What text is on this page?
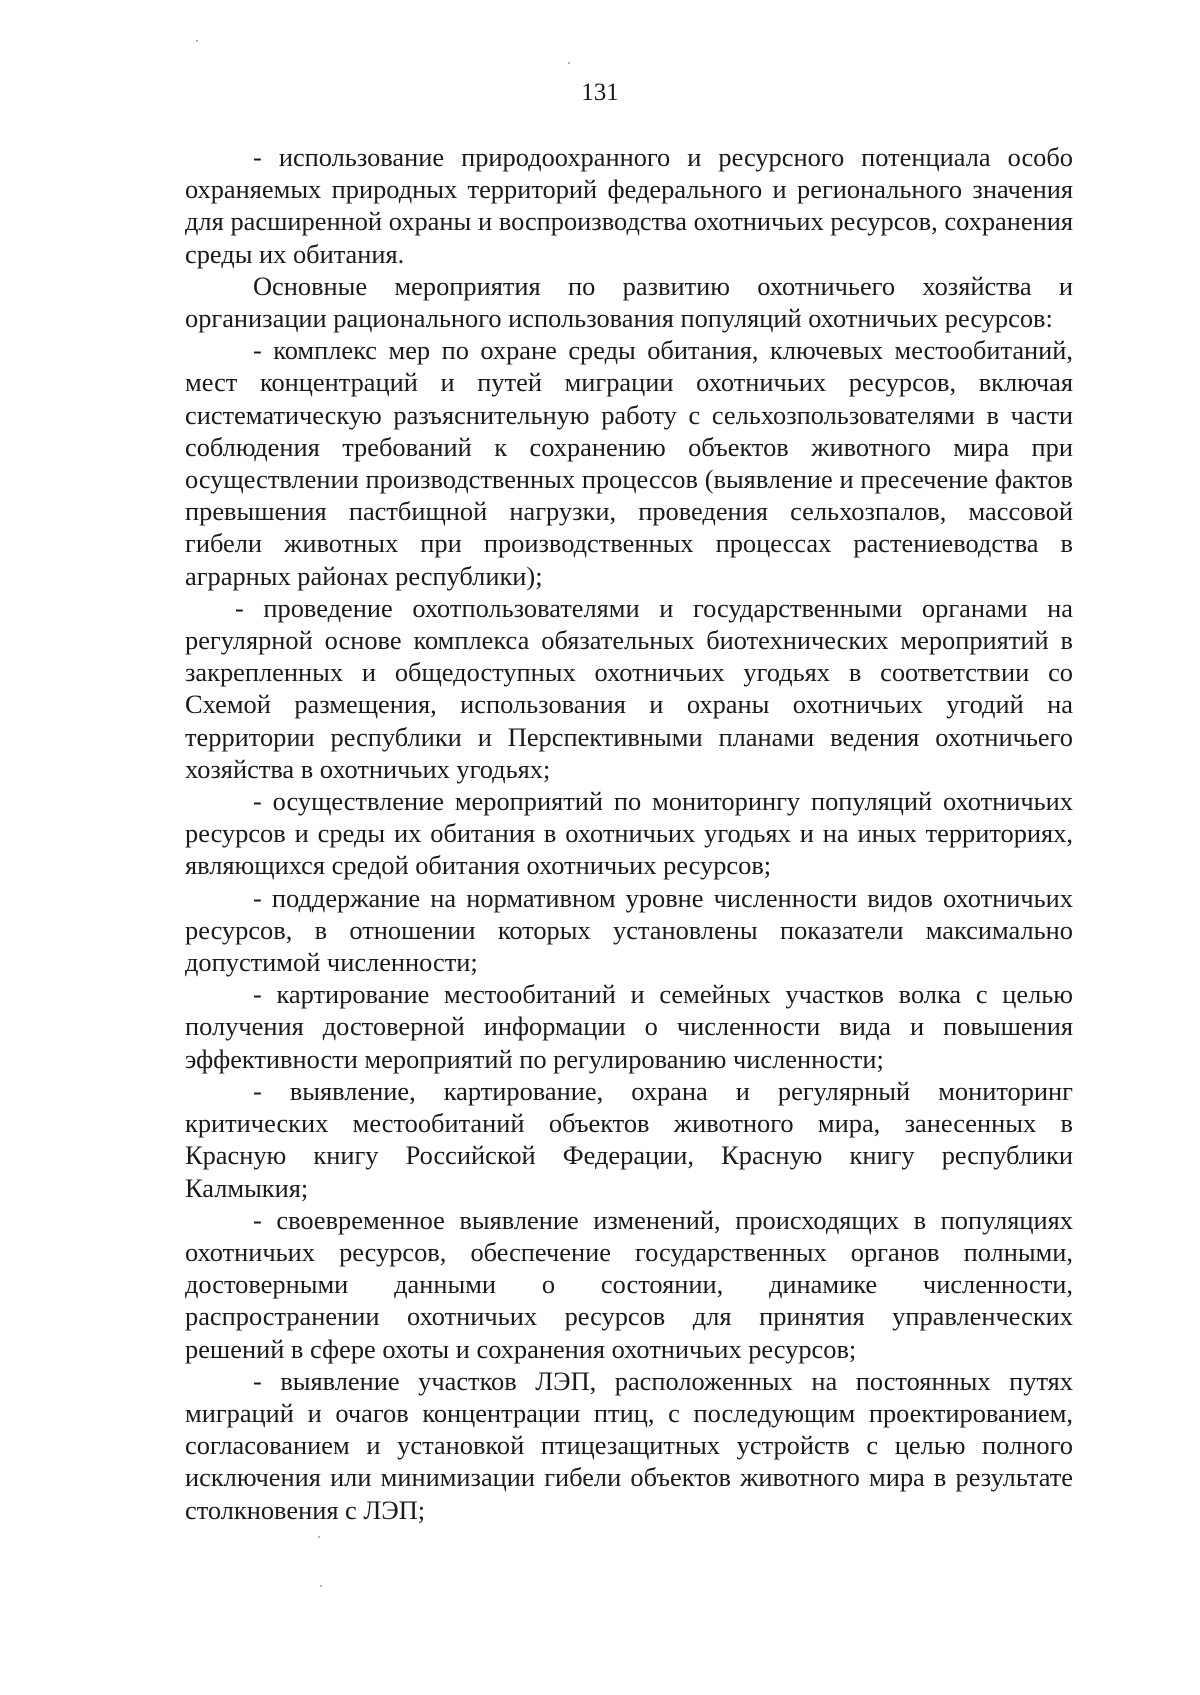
131

- использование природоохранного и ресурсного потенциала особо охраняемых природных территорий федерального и регионального значения для расширенной охраны и воспроизводства охотничьих ресурсов, сохранения среды их обитания.

Основные мероприятия по развитию охотничьего хозяйства и организации рационального использования популяций охотничьих ресурсов:

- комплекс мер по охране среды обитания, ключевых местообитаний, мест концентраций и путей миграции охотничьих ресурсов, включая систематическую разъяснительную работу с сельхозпользователями в части соблюдения требований к сохранению объектов животного мира при осуществлении производственных процессов (выявление и пресечение фактов превышения пастбищной нагрузки, проведения сельхозпалов, массовой гибели животных при производственных процессах растениеводства в аграрных районах республики);

- проведение охотпользователями и государственными органами на регулярной основе комплекса обязательных биотехнических мероприятий в закрепленных и общедоступных охотничьих угодьях в соответствии со Схемой размещения, использования и охраны охотничьих угодий на территории республики и Перспективными планами ведения охотничьего хозяйства в охотничьих угодьях;

- осуществление мероприятий по мониторингу популяций охотничьих ресурсов и среды их обитания в охотничьих угодьях и на иных территориях, являющихся средой обитания охотничьих ресурсов;

- поддержание на нормативном уровне численности видов охотничьих ресурсов, в отношении которых установлены показатели максимально допустимой численности;

- картирование местообитаний и семейных участков волка с целью получения достоверной информации о численности вида и повышения эффективности мероприятий по регулированию численности;

- выявление, картирование, охрана и регулярный мониторинг критических местообитаний объектов животного мира, занесенных в Красную книгу Российской Федерации, Красную книгу республики Калмыкия;

- своевременное выявление изменений, происходящих в популяциях охотничьих ресурсов, обеспечение государственных органов полными, достоверными данными о состоянии, динамике численности, распространении охотничьих ресурсов для принятия управленческих решений в сфере охоты и сохранения охотничьих ресурсов;

- выявление участков ЛЭП, расположенных на постоянных путях миграций и очагов концентрации птиц, с последующим проектированием, согласованием и установкой птицезащитных устройств с целью полного исключения или минимизации гибели объектов животного мира в результате столкновения с ЛЭП;
